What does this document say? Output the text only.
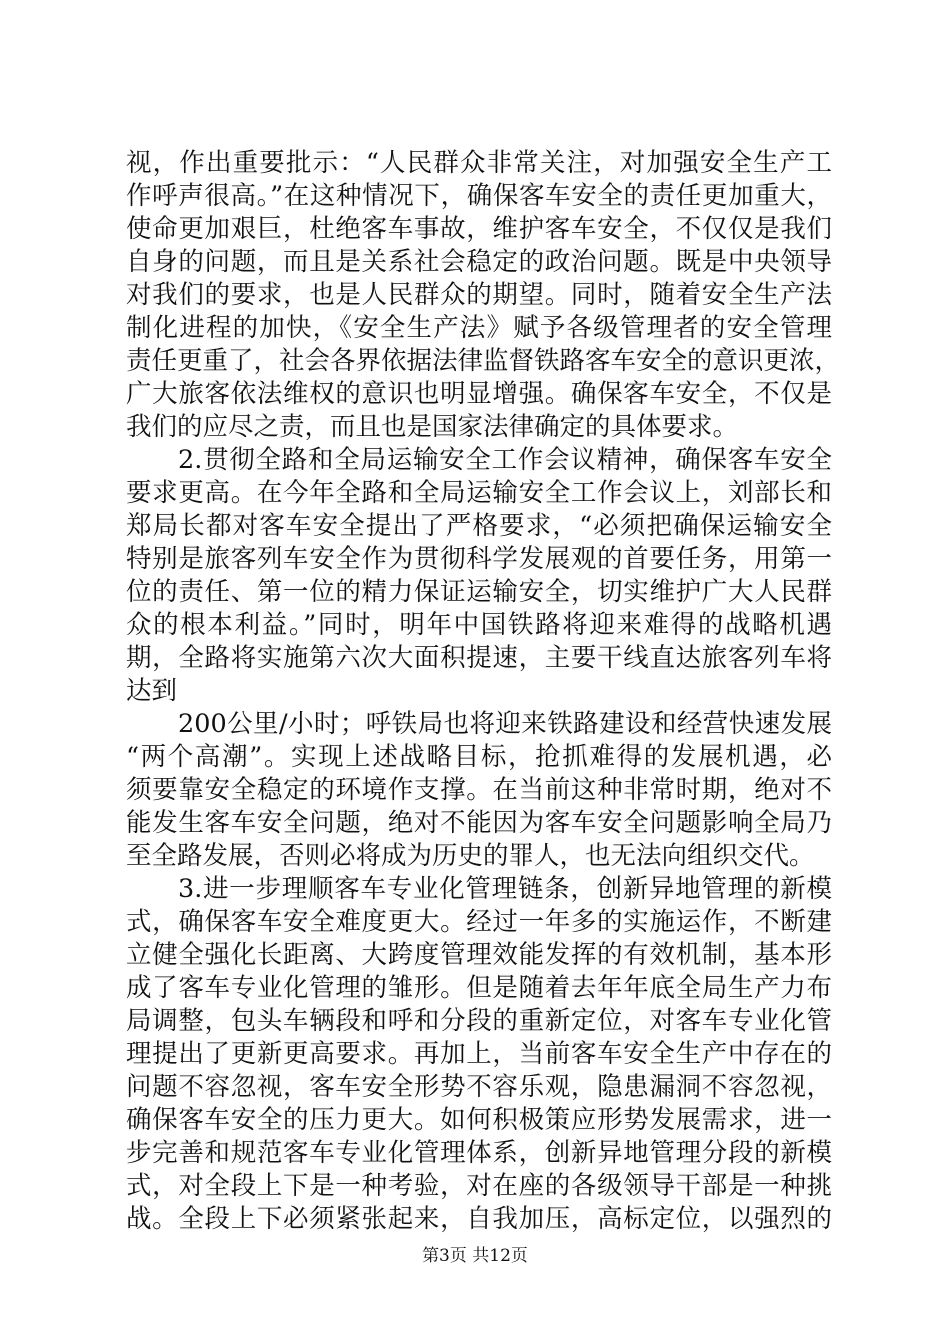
视，作出重要批示：“人民群众非常关注，对加强安全生产工
作呼声很高。”在这种情况下，确保客车安全的责任更加重大，
使命更加艰巨，杜绝客车事故，维护客车安全，不仅仅是我们
自身的问题，而且是关系社会稳定的政治问题。既是中央领导
对我们的要求，也是人民群众的期望。同时，随着安全生产法
制化进程的加快，《安全生产法》赋予各级管理者的安全管理
责任更重了，社会各界依据法律监督铁路客车安全的意识更浓，
广大旅客依法维权的意识也明显增强。确保客车安全，不仅是
我们的应尽之责，而且也是国家法律确定的具体要求。
2.贯彻全路和全局运输安全工作会议精神，确保客车安全
要求更高。在今年全路和全局运输安全工作会议上，刘部长和
郑局长都对客车安全提出了严格要求，“必须把确保运输安全
特别是旅客列车安全作为贯彻科学发展观的首要任务，用第一
位的责任、第一位的精力保证运输安全，切实维护广大人民群
众的根本利益。”同时，明年中国铁路将迎来难得的战略机遇
期，全路将实施第六次大面积提速，主要干线直达旅客列车将
达到
200公里/小时；呼铁局也将迎来铁路建设和经营快速发展
“两个高潮”。实现上述战略目标，抢抓难得的发展机遇，必
须要靠安全稳定的环境作支撑。在当前这种非常时期，绝对不
能发生客车安全问题，绝对不能因为客车安全问题影响全局乃
至全路发展，否则必将成为历史的罪人，也无法向组织交代。
3.进一步理顺客车专业化管理链条，创新异地管理的新模
式，确保客车安全难度更大。经过一年多的实施运作，不断建
立健全强化长距离、大跨度管理效能发挥的有效机制，基本形
成了客车专业化管理的雏形。但是随着去年年底全局生产力布
局调整，包头车辆段和呼和分段的重新定位，对客车专业化管
理提出了更新更高要求。再加上，当前客车安全生产中存在的
问题不容忽视，客车安全形势不容乐观，隐患漏洞不容忽视，
确保客车安全的压力更大。如何积极策应形势发展需求，进一
步完善和规范客车专业化管理体系，创新异地管理分段的新模
式，对全段上下是一种考验，对在座的各级领导干部是一种挑
战。全段上下必须紧张起来，自我加压，高标定位，以强烈的
第3页 共12页
